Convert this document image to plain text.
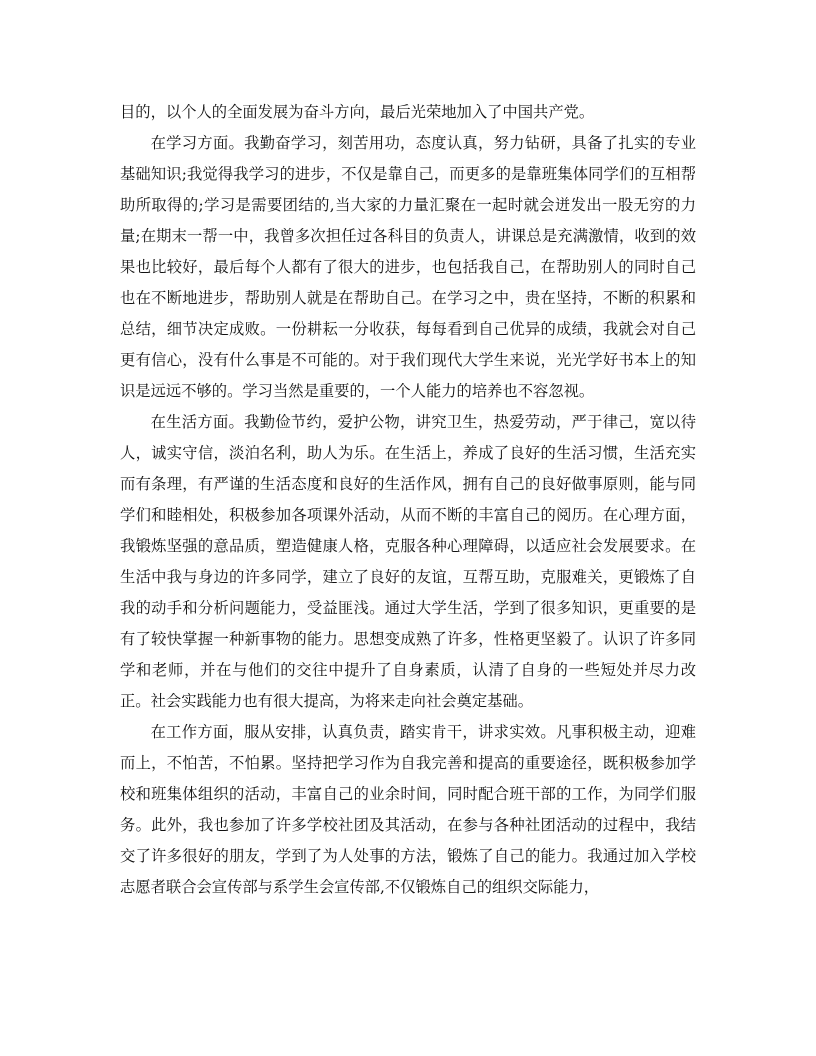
目的，以个人的全面发展为奋斗方向，最后光荣地加入了中国共产党。

在学习方面。我勤奋学习，刻苦用功，态度认真，努力钻研，具备了扎实的专业基础知识;我觉得我学习的进步，不仅是靠自己，而更多的是靠班集体同学们的互相帮助所取得的;学习是需要团结的,当大家的力量汇聚在一起时就会迸发出一股无穷的力量;在期末一帮一中，我曾多次担任过各科目的负责人，讲课总是充满激情，收到的效果也比较好，最后每个人都有了很大的进步，也包括我自己，在帮助别人的同时自己也在不断地进步，帮助别人就是在帮助自己。在学习之中，贵在坚持，不断的积累和总结，细节决定成败。一份耕耘一分收获，每每看到自己优异的成绩，我就会对自己更有信心，没有什么事是不可能的。对于我们现代大学生来说，光光学好书本上的知识是远远不够的。学习当然是重要的，一个人能力的培养也不容忽视。

在生活方面。我勤俭节约，爱护公物，讲究卫生，热爱劳动，严于律己，宽以待人，诚实守信，淡泊名利，助人为乐。在生活上，养成了良好的生活习惯，生活充实而有条理，有严谨的生活态度和良好的生活作风，拥有自己的良好做事原则，能与同学们和睦相处，积极参加各项课外活动，从而不断的丰富自己的阅历。在心理方面，我锻炼坚强的意品质，塑造健康人格，克服各种心理障碍，以适应社会发展要求。在生活中我与身边的许多同学，建立了良好的友谊，互帮互助，克服难关，更锻炼了自我的动手和分析问题能力，受益匪浅。通过大学生活，学到了很多知识，更重要的是有了较快掌握一种新事物的能力。思想变成熟了许多，性格更坚毅了。认识了许多同学和老师，并在与他们的交往中提升了自身素质，认清了自身的一些短处并尽力改正。社会实践能力也有很大提高，为将来走向社会奠定基础。

在工作方面，服从安排，认真负责，踏实肯干，讲求实效。凡事积极主动，迎难而上，不怕苦，不怕累。坚持把学习作为自我完善和提高的重要途径，既积极参加学校和班集体组织的活动，丰富自己的业余时间，同时配合班干部的工作，为同学们服务。此外，我也参加了许多学校社团及其活动，在参与各种社团活动的过程中，我结交了许多很好的朋友，学到了为人处事的方法，锻炼了自己的能力。我通过加入学校志愿者联合会宣传部与系学生会宣传部,不仅锻炼自己的组织交际能力，
